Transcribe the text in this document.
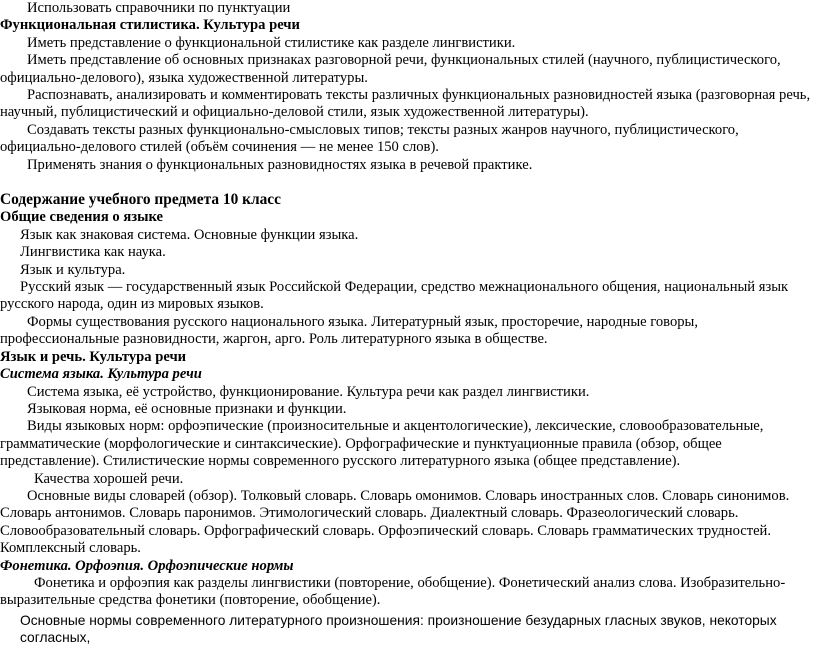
Использовать справочники по пунктуации

Функциональная стилистика. Культура речи

Иметь представление о функциональной стилистике как разделе лингвистики.

Иметь представление об основных признаках разговорной речи, функциональных стилей (научного, публицистического, официально-делового), языка художественной литературы.

Распознавать, анализировать и комментировать тексты различных функциональных разновидностей языка (разговорная речь, научный, публицистический и официально-деловой стили, язык художественной литературы).

Создавать тексты разных функционально-смысловых типов; тексты разных жанров научного, публицистического, официально-делового стилей (объём сочинения — не менее 150 слов).

Применять знания о функциональных разновидностях языка в речевой практике.

Содержание учебного предмета 10 класс

Общие сведения о языке

Язык как знаковая система. Основные функции языка.

Лингвистика как наука.

Язык и культура.

Русский язык — государственный язык Российской Федерации, средство межнационального общения, национальный язык русского народа, один из мировых языков.

Формы существования русского национального языка. Литературный язык, просторечие, народные говоры, профессиональные разновидности, жаргон, арго. Роль литературного языка в обществе.

Язык и речь. Культура речи

Система языка. Культура речи

Система языка, её устройство, функционирование. Культура речи как раздел лингвистики.

Языковая норма, её основные признаки и функции.

Виды языковых норм: орфоэпические (произносительные и акцентологические), лексические, словообразовательные, грамматические (морфологические и синтаксические). Орфографические и пунктуационные правила (обзор, общее представление). Стилистические нормы современного русского литературного языка (общее представление).

Качества хорошей речи.

Основные виды словарей (обзор). Толковый словарь. Словарь омонимов. Словарь иностранных слов. Словарь синонимов. Словарь антонимов. Словарь паронимов. Этимологический словарь. Диалектный словарь. Фразеологический словарь. Словообразовательный словарь. Орфографический словарь. Орфоэпический словарь. Словарь грамматических трудностей. Комплексный словарь.

Фонетика. Орфоэпия. Орфоэпические нормы

Фонетика и орфоэпия как разделы лингвистики (повторение, обобщение). Фонетический анализ слова. Изобразительно-выразительные средства фонетики (повторение, обобщение).

Основные нормы современного литературного произношения: произношение безударных гласных звуков, некоторых согласных,
